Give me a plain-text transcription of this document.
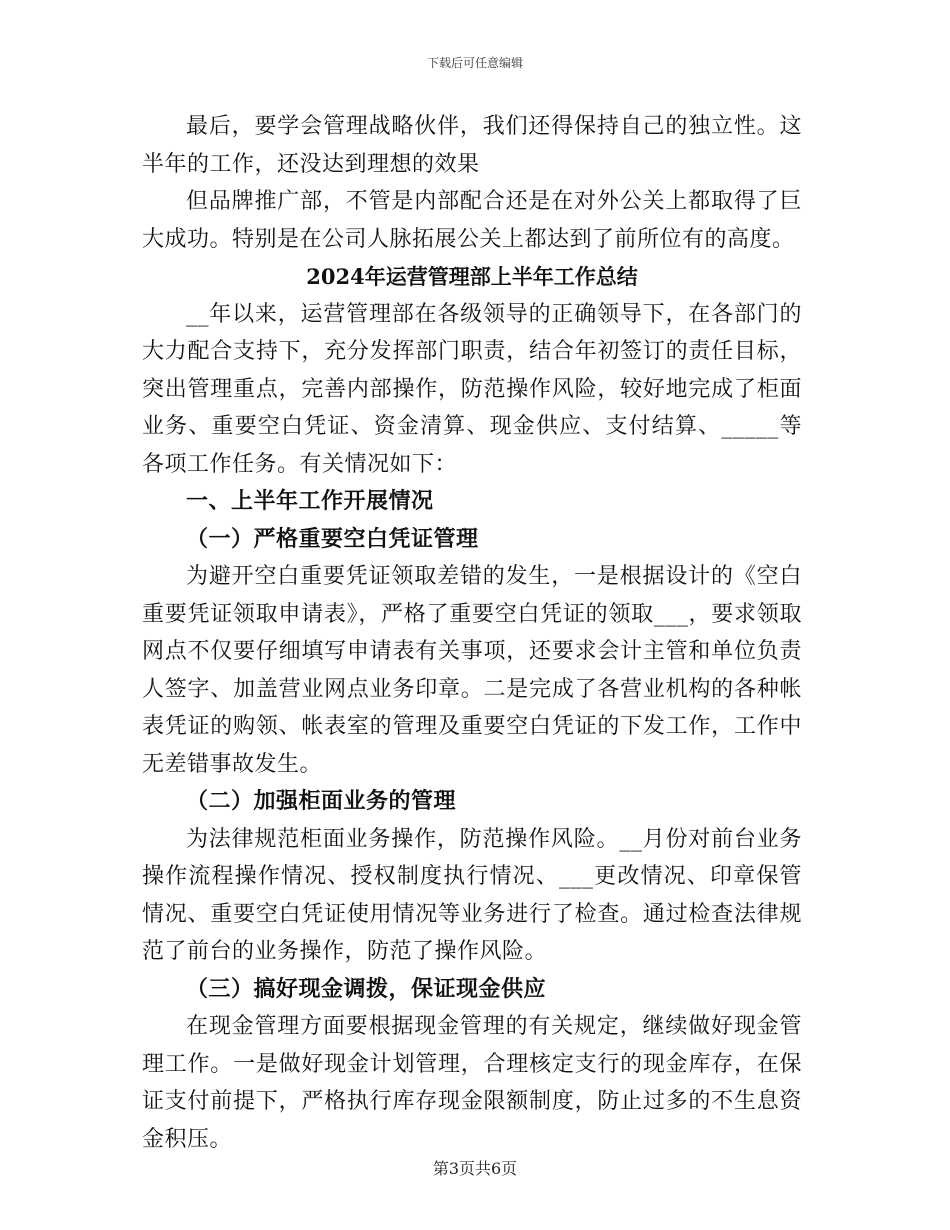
下载后可任意编辑

最后，要学会管理战略伙伴，我们还得保持自己的独立性。这半年的工作，还没达到理想的效果

但品牌推广部，不管是内部配合还是在对外公关上都取得了巨大成功。特别是在公司人脉拓展公关上都达到了前所位有的高度。

2024年运营管理部上半年工作总结

__年以来，运营管理部在各级领导的正确领导下，在各部门的大力配合支持下，充分发挥部门职责，结合年初签订的责任目标，突出管理重点，完善内部操作，防范操作风险，较好地完成了柜面业务、重要空白凭证、资金清算、现金供应、支付结算、_____等各项工作任务。有关情况如下：

一、上半年工作开展情况

（一）严格重要空白凭证管理

为避开空白重要凭证领取差错的发生，一是根据设计的《空白重要凭证领取申请表》，严格了重要空白凭证的领取___，要求领取网点不仅要仔细填写申请表有关事项，还要求会计主管和单位负责人签字、加盖营业网点业务印章。二是完成了各营业机构的各种帐表凭证的购领、帐表室的管理及重要空白凭证的下发工作，工作中无差错事故发生。

（二）加强柜面业务的管理

为法律规范柜面业务操作，防范操作风险。__月份对前台业务操作流程操作情况、授权制度执行情况、___更改情况、印章保管情况、重要空白凭证使用情况等业务进行了检查。通过检查法律规范了前台的业务操作，防范了操作风险。

（三）搞好现金调拨，保证现金供应

在现金管理方面要根据现金管理的有关规定，继续做好现金管理工作。一是做好现金计划管理，合理核定支行的现金库存，在保证支付前提下，严格执行库存现金限额制度，防止过多的不生息资金积压。

第3页共6页
